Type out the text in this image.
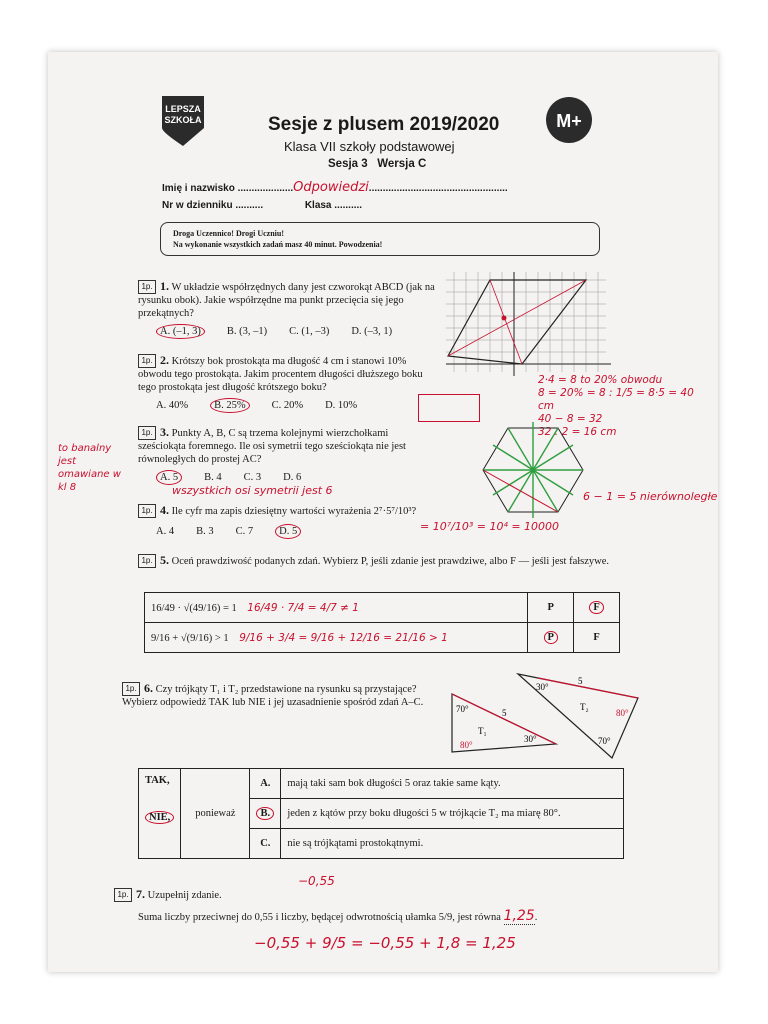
LEPSZA
SZKOŁA	M+
Sesje z plusem 2019/2020
Klasa VII szkoły podstawowej
Sesja 3 Wersja C
Imię i nazwisko ....................Odpowiedzi..................................................
Nr w dzienniku ..........               Klasa ..........
Droga Uczennico! Drogi Uczniu!
Na wykonanie wszystkich zadań masz 40 minut. Powodzenia!
1p. 1. W układzie współrzędnych dany jest czworokąt ABCD (jak na rysunku obok). Jakie współrzędne ma punkt przecięcia się jego przekątnych?
A. (–1, 3) B. (3, –1) C. (1, –3) D. (–3, 1)
1p. 2. Krótszy bok prostokąta ma długość 4 cm i stanowi 10% obwodu tego prostokąta. Jakim procentem długości dłuższego boku tego prostokąta jest długość krótszego boku?
A. 40% B. 25% C. 20% D. 10%
2·4 = 8 to 20% obwodu
8 = 20% = 8 : 1/5 = 8·5 = 40 cm
40 − 8 = 32
32 : 2 = 16 cm
1p. 3. Punkty A, B, C są trzema kolejnymi wierzchołkami sześciokąta foremnego. Ile osi symetrii tego sześciokąta nie jest równoległych do prostej AC?
A. 5 B. 4 C. 3 D. 6
to banalny jest omawiane w kl 8	wszystkich osi symetrii jest 6	6 − 1 = 5 nierównoległe
1p. 4. Ile cyfr ma zapis dziesiętny wartości wyrażenia 2⁷·5⁷/10³?
A. 4 B. 3 C. 7 D. 5	= 10⁷/10³ = 10⁴ = 10000
1p. 5. Oceń prawdziwość podanych zdań. Wybierz P, jeśli zdanie jest prawdziwe, albo F — jeśli jest fałszywe.
16/49 · √(49/16) = 1 16/49 · 7/4 = 4/7 ≠ 1	P	F
9/16 + √(9/16) > 1 9/16 + 3/4 = 9/16 + 12/16 = 21/16 > 1	P	F
1p. 6. Czy trójkąty T₁ i T₂ przedstawione na rysunku są przystające? Wybierz odpowiedź TAK lub NIE i jej uzasadnienie spośród zdań A–C.
70°
80°
30°
5
T₁
30°
5
T₂
80°
70°
TAK,
NIE,	ponieważ	A.	mają taki sam bok długości 5 oraz takie same kąty.
		B.	jeden z kątów przy boku długości 5 w trójkącie T₂ ma miarę 80°.
		C.	nie są trójkątami prostokątnymi.
1p. 7. Uzupełnij zdanie.
Suma liczby przeciwnej do 0,55 i liczby, będącej odwrotnością ułamka 5/9, jest równa 1,25.
−0,55
−0,55 + 9/5 = −0,55 + 1,8 = 1,25
